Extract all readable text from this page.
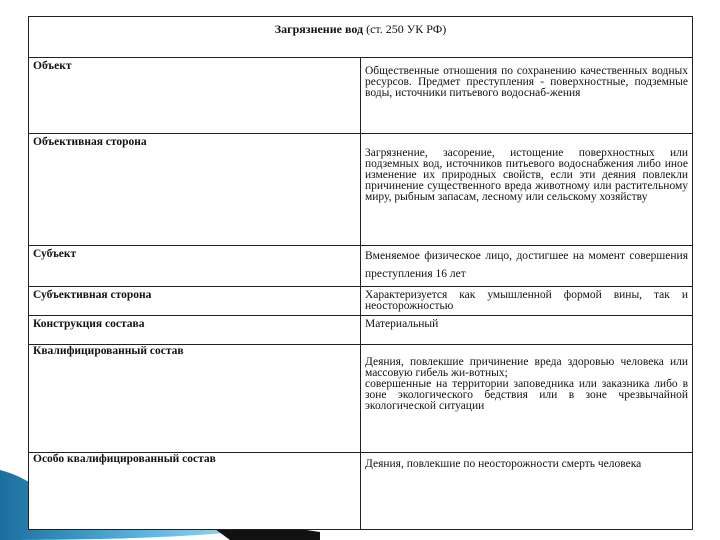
Загрязнение вод (ст. 250 УК РФ)	
Объект	Общественные отношения по сохранению качественных водных ресурсов. Предмет преступления - поверхностные, подземные воды, источники питьевого водоснаб-жения
Объективная сторона	Загрязнение, засорение, истощение поверхностных или подземных вод, источников питьевого водоснабжения либо иное изменение их природных свойств, если эти деяния повлекли причинение существенного вреда животному или растительному миру, рыбным запасам, лесному или сельскому хозяйству
Субъект	Вменяемое физическое лицо, достигшее на момент совершения преступления 16 лет
Субъективная сторона	Характеризуется как умышленной формой вины, так и неосторожностью
Конструкция состава	Материальный
Квалифицированный состав	Деяния, повлекшие причинение вреда здоровью человека или массовую гибель жи-вотных;
совершенные на территории заповедника или заказника либо в зоне экологического бедствия или в зоне чрезвычайной экологической ситуации

Особо квалифицированный состав	Деяния, повлекшие по неосторожности смерть человека
